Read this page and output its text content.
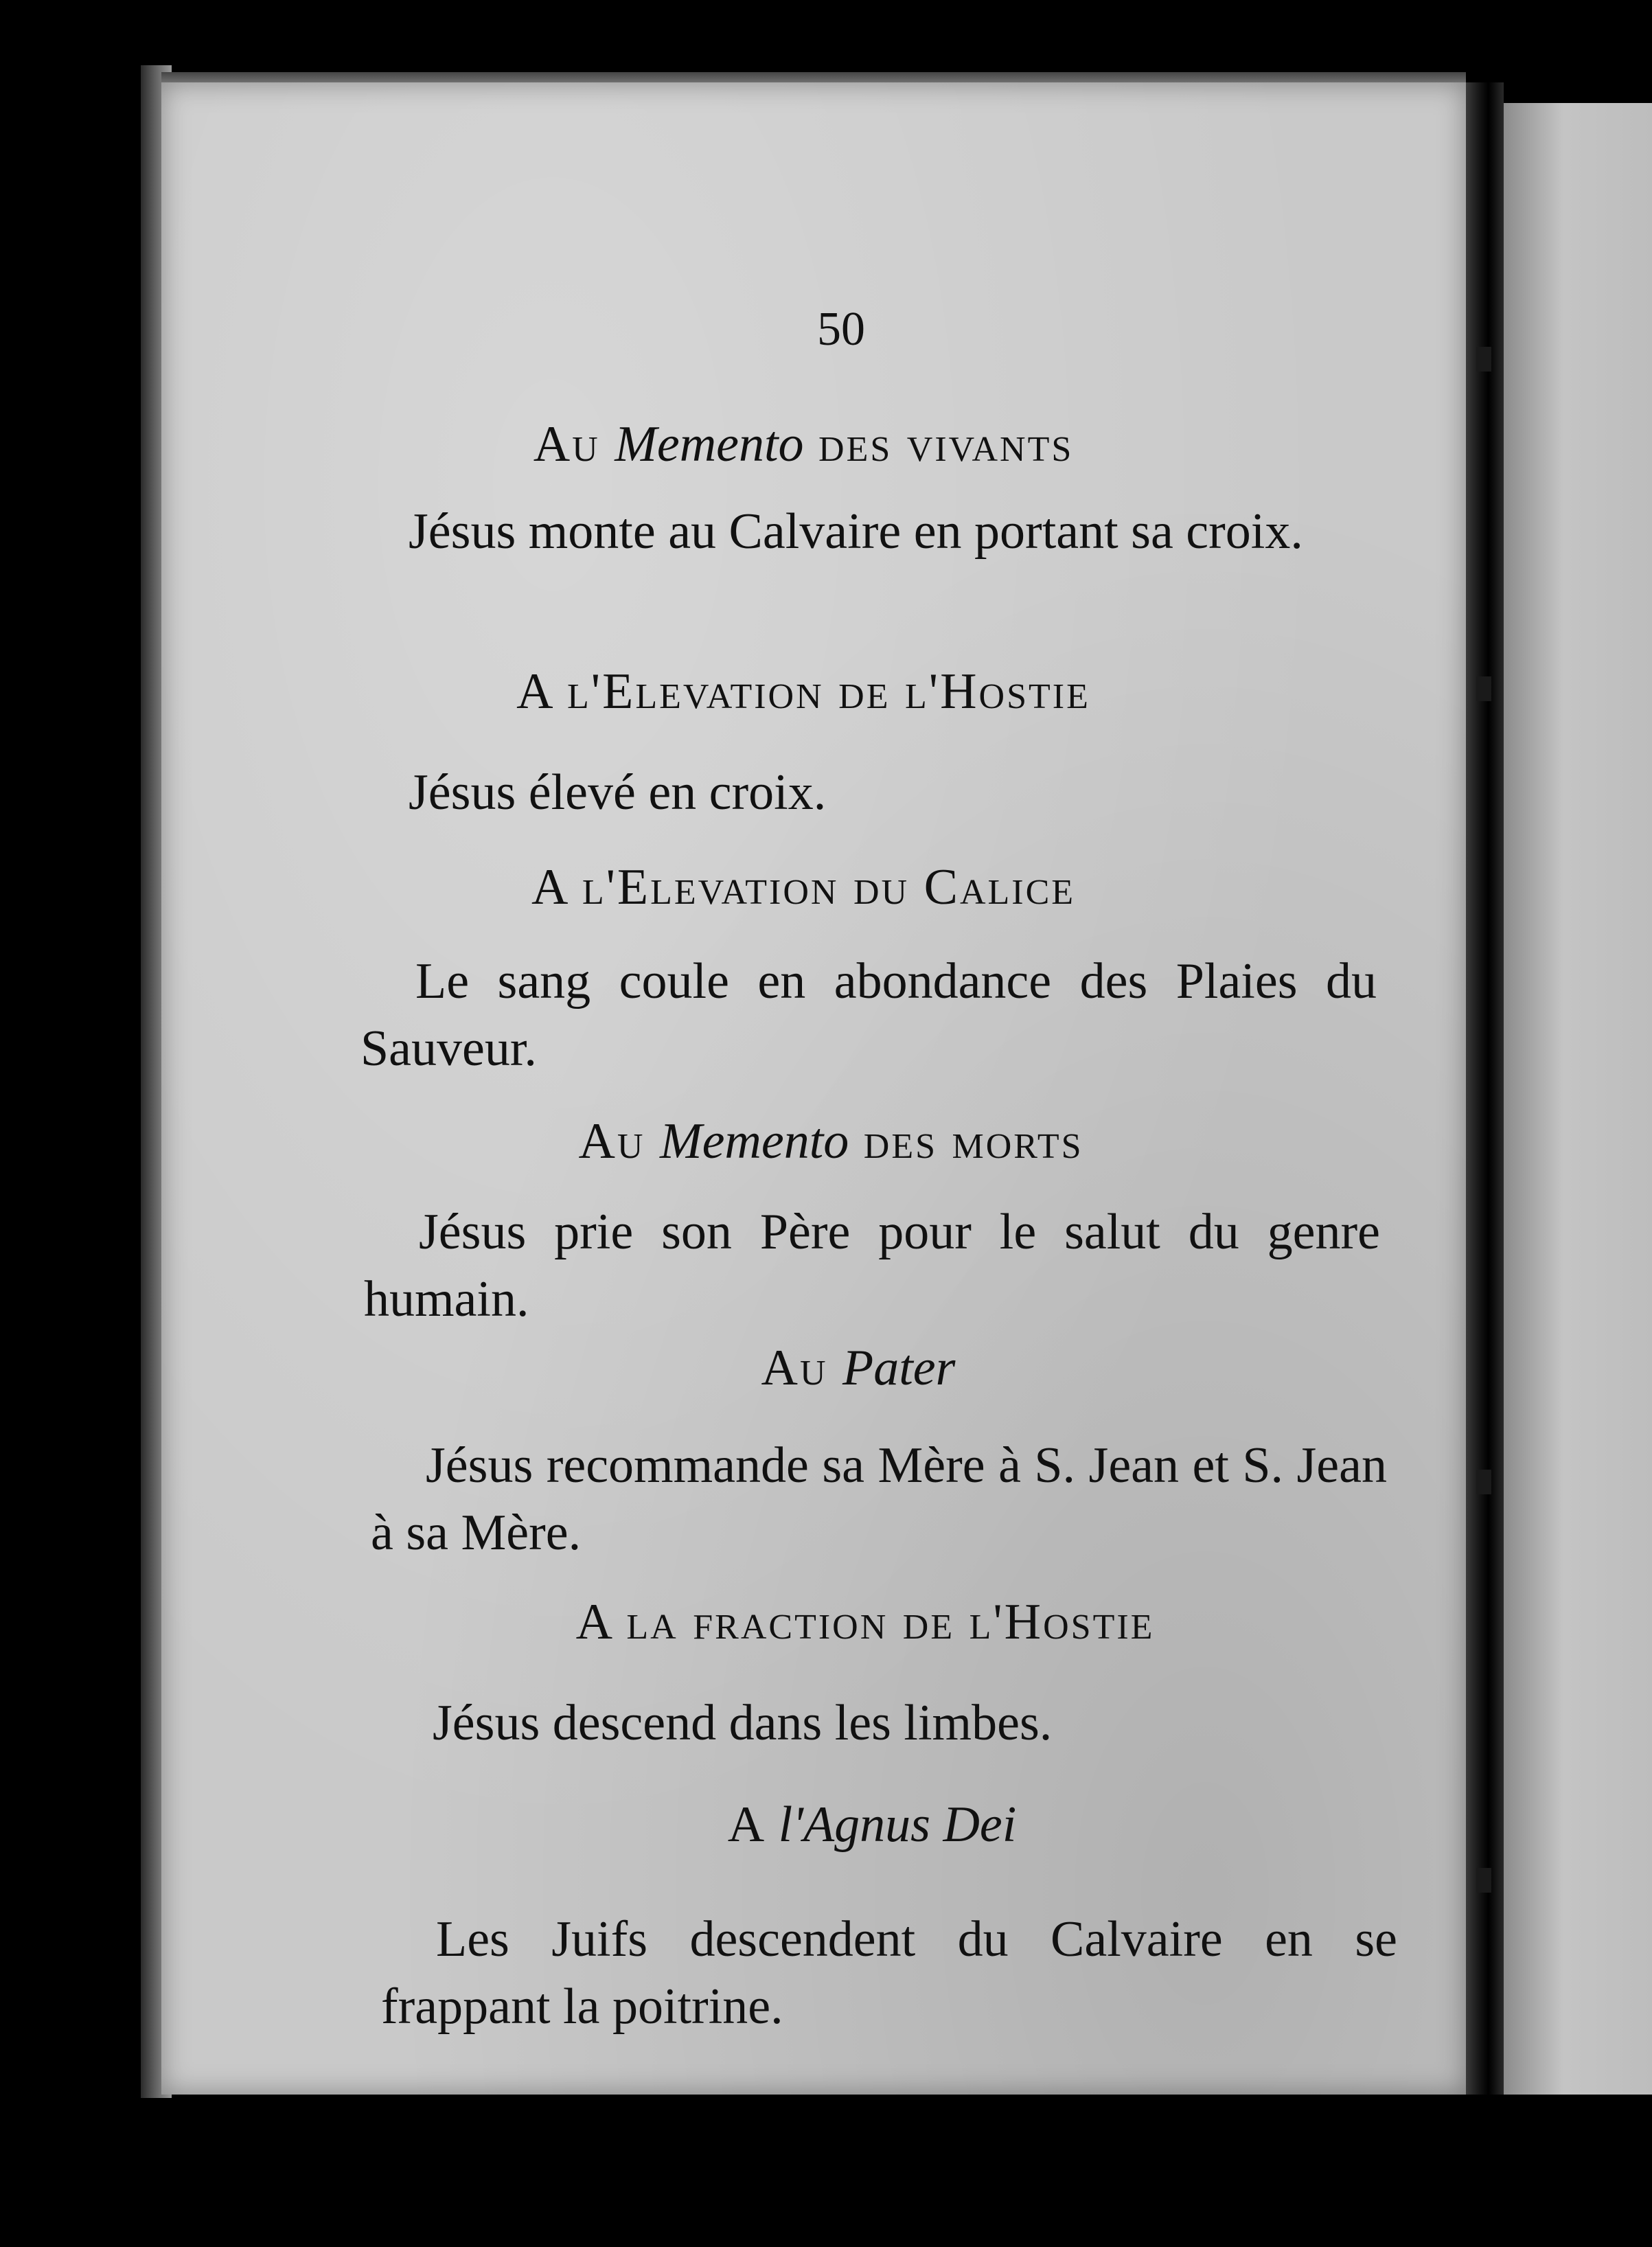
50
Au Memento des vivants
Jésus monte au Calvaire en portant sa croix.
A l'Elevation de l'Hostie
Jésus élevé en croix.
A l'Elevation du Calice
Le sang coule en abondance des Plaies du Sauveur.
Au Memento des morts
Jésus prie son Père pour le salut du genre humain.
Au Pater
Jésus recommande sa Mère à S. Jean et S. Jean à sa Mère.
A la fraction de l'Hostie
Jésus descend dans les limbes.
A l'Agnus Dei
Les Juifs descendent du Calvaire en se frappant la poitrine.
